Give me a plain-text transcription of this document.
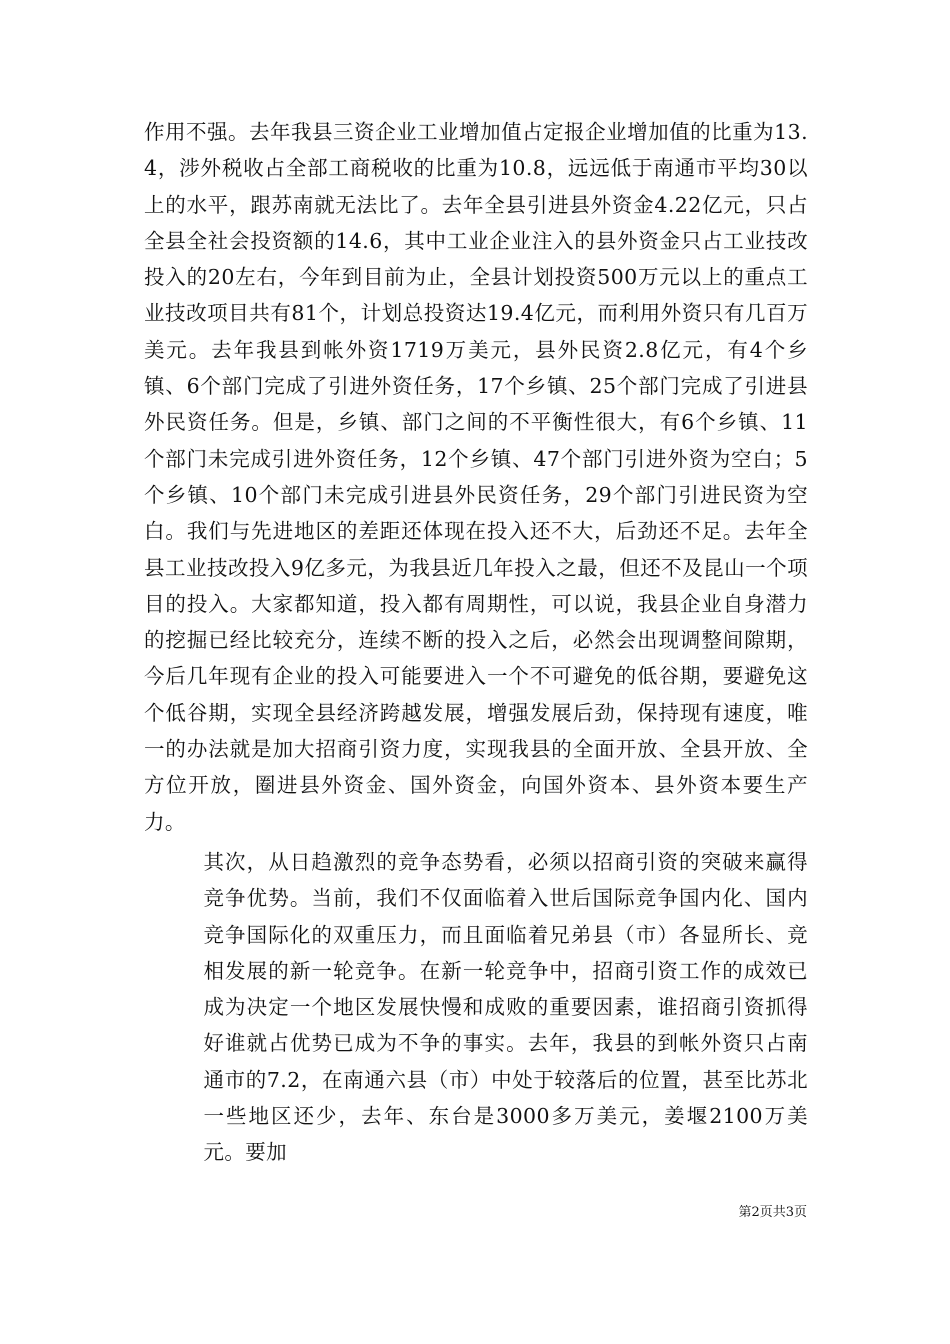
作用不强。去年我县三资企业工业增加值占定报企业增加值的比重为13.4，涉外税收占全部工商税收的比重为10.8，远远低于南通市平均30以上的水平，跟苏南就无法比了。去年全县引进县外资金4.22亿元，只占全县全社会投资额的14.6，其中工业企业注入的县外资金只占工业技改投入的20左右，今年到目前为止，全县计划投资500万元以上的重点工业技改项目共有81个，计划总投资达19.4亿元，而利用外资只有几百万美元。去年我县到帐外资1719万美元，县外民资2.8亿元，有4个乡镇、6个部门完成了引进外资任务，17个乡镇、25个部门完成了引进县外民资任务。但是，乡镇、部门之间的不平衡性很大，有6个乡镇、11个部门未完成引进外资任务，12个乡镇、47个部门引进外资为空白；5个乡镇、10个部门未完成引进县外民资任务，29个部门引进民资为空白。我们与先进地区的差距还体现在投入还不大，后劲还不足。去年全县工业技改投入9亿多元，为我县近几年投入之最，但还不及昆山一个项目的投入。大家都知道，投入都有周期性，可以说，我县企业自身潜力的挖掘已经比较充分，连续不断的投入之后，必然会出现调整间隙期，今后几年现有企业的投入可能要进入一个不可避免的低谷期，要避免这个低谷期，实现全县经济跨越发展，增强发展后劲，保持现有速度，唯一的办法就是加大招商引资力度，实现我县的全面开放、全县开放、全方位开放，圈进县外资金、国外资金，向国外资本、县外资本要生产力。

其次，从日趋激烈的竞争态势看，必须以招商引资的突破来赢得竞争优势。当前，我们不仅面临着入世后国际竞争国内化、国内竞争国际化的双重压力，而且面临着兄弟县（市）各显所长、竞相发展的新一轮竞争。在新一轮竞争中，招商引资工作的成效已成为决定一个地区发展快慢和成败的重要因素，谁招商引资抓得好谁就占优势已成为不争的事实。去年，我县的到帐外资只占南通市的7.2，在南通六县（市）中处于较落后的位置，甚至比苏北一些地区还少，去年、东台是3000多万美元，姜堰2100万美元。要加

第2页共3页
